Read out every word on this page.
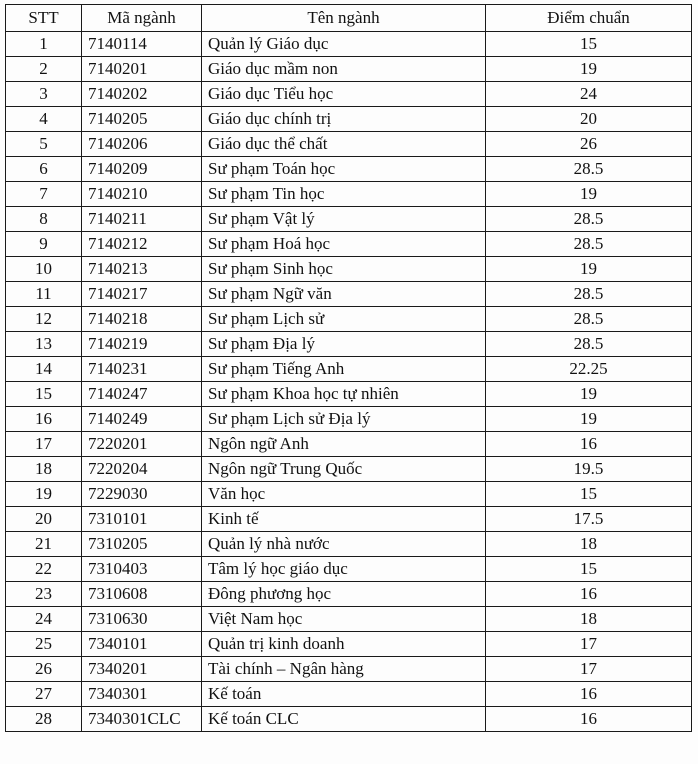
STT	Mã ngành	Tên ngành	Điểm chuẩn
1	7140114	Quản lý Giáo dục	15
2	7140201	Giáo dục mầm non	19
3	7140202	Giáo dục Tiểu học	24
4	7140205	Giáo dục chính trị	20
5	7140206	Giáo dục thể chất	26
6	7140209	Sư phạm Toán học	28.5
7	7140210	Sư phạm Tin học	19
8	7140211	Sư phạm Vật lý	28.5
9	7140212	Sư phạm Hoá học	28.5
10	7140213	Sư phạm Sinh học	19
11	7140217	Sư phạm Ngữ văn	28.5
12	7140218	Sư phạm Lịch sử	28.5
13	7140219	Sư phạm Địa lý	28.5
14	7140231	Sư phạm Tiếng Anh	22.25
15	7140247	Sư phạm Khoa học tự nhiên	19
16	7140249	Sư phạm Lịch sử Địa lý	19
17	7220201	Ngôn ngữ Anh	16
18	7220204	Ngôn ngữ Trung Quốc	19.5
19	7229030	Văn học	15
20	7310101	Kinh tế	17.5
21	7310205	Quản lý nhà nước	18
22	7310403	Tâm lý học giáo dục	15
23	7310608	Đông phương học	16
24	7310630	Việt Nam học	18
25	7340101	Quản trị kinh doanh	17
26	7340201	Tài chính – Ngân hàng	17
27	7340301	Kế toán	16
28	7340301CLC	Kế toán CLC	16
